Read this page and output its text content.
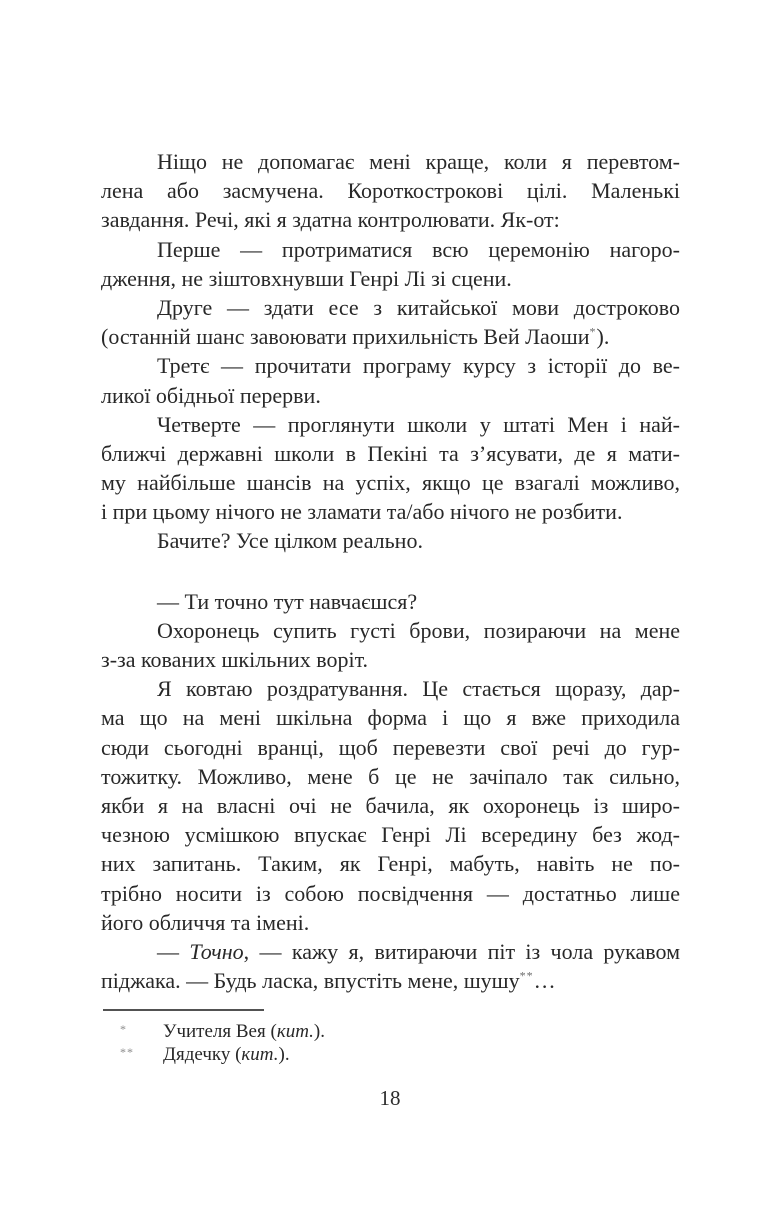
Ніщо не допомагає мені краще, коли я перевтом-
лена або засмучена. Короткострокові цілі. Маленькі
завдання. Речі, які я здатна контролювати. Як-от:
Перше — протриматися всю церемонію нагоро-
дження, не зіштовхнувши Генрі Лі зі сцени.
Друге — здати есе з китайської мови достроково
(останній шанс завоювати прихильність Вей Лаоши*).
Третє — прочитати програму курсу з історії до ве-
ликої обідньої перерви.
Четверте — проглянути школи у штаті Мен і най-
ближчі державні школи в Пекіні та з’ясувати, де я мати-
му найбільше шансів на успіх, якщо це взагалі можливо,
і при цьому нічого не зламати та/або нічого не розбити.
Бачите? Усе цілком реально.
— Ти точно тут навчаєшся?
Охоронець супить густі брови, позираючи на мене
з-за кованих шкільних воріт.
Я ковтаю роздратування. Це стається щоразу, дар-
ма що на мені шкільна форма і що я вже приходила
сюди сьогодні вранці, щоб перевезти свої речі до гур-
тожитку. Можливо, мене б це не зачіпало так сильно,
якби я на власні очі не бачила, як охоронець із широ-
чезною усмішкою впускає Генрі Лі всередину без жод-
них запитань. Таким, як Генрі, мабуть, навіть не по-
трібно носити із собою посвідчення — достатньо лише
його обличчя та імені.
— Точно, — кажу я, витираючи піт із чола рукавом
піджака. — Будь ласка, впустіть мене, шушу**…
* Учителя Вея (кит.).
** Дядечку (кит.).
18
